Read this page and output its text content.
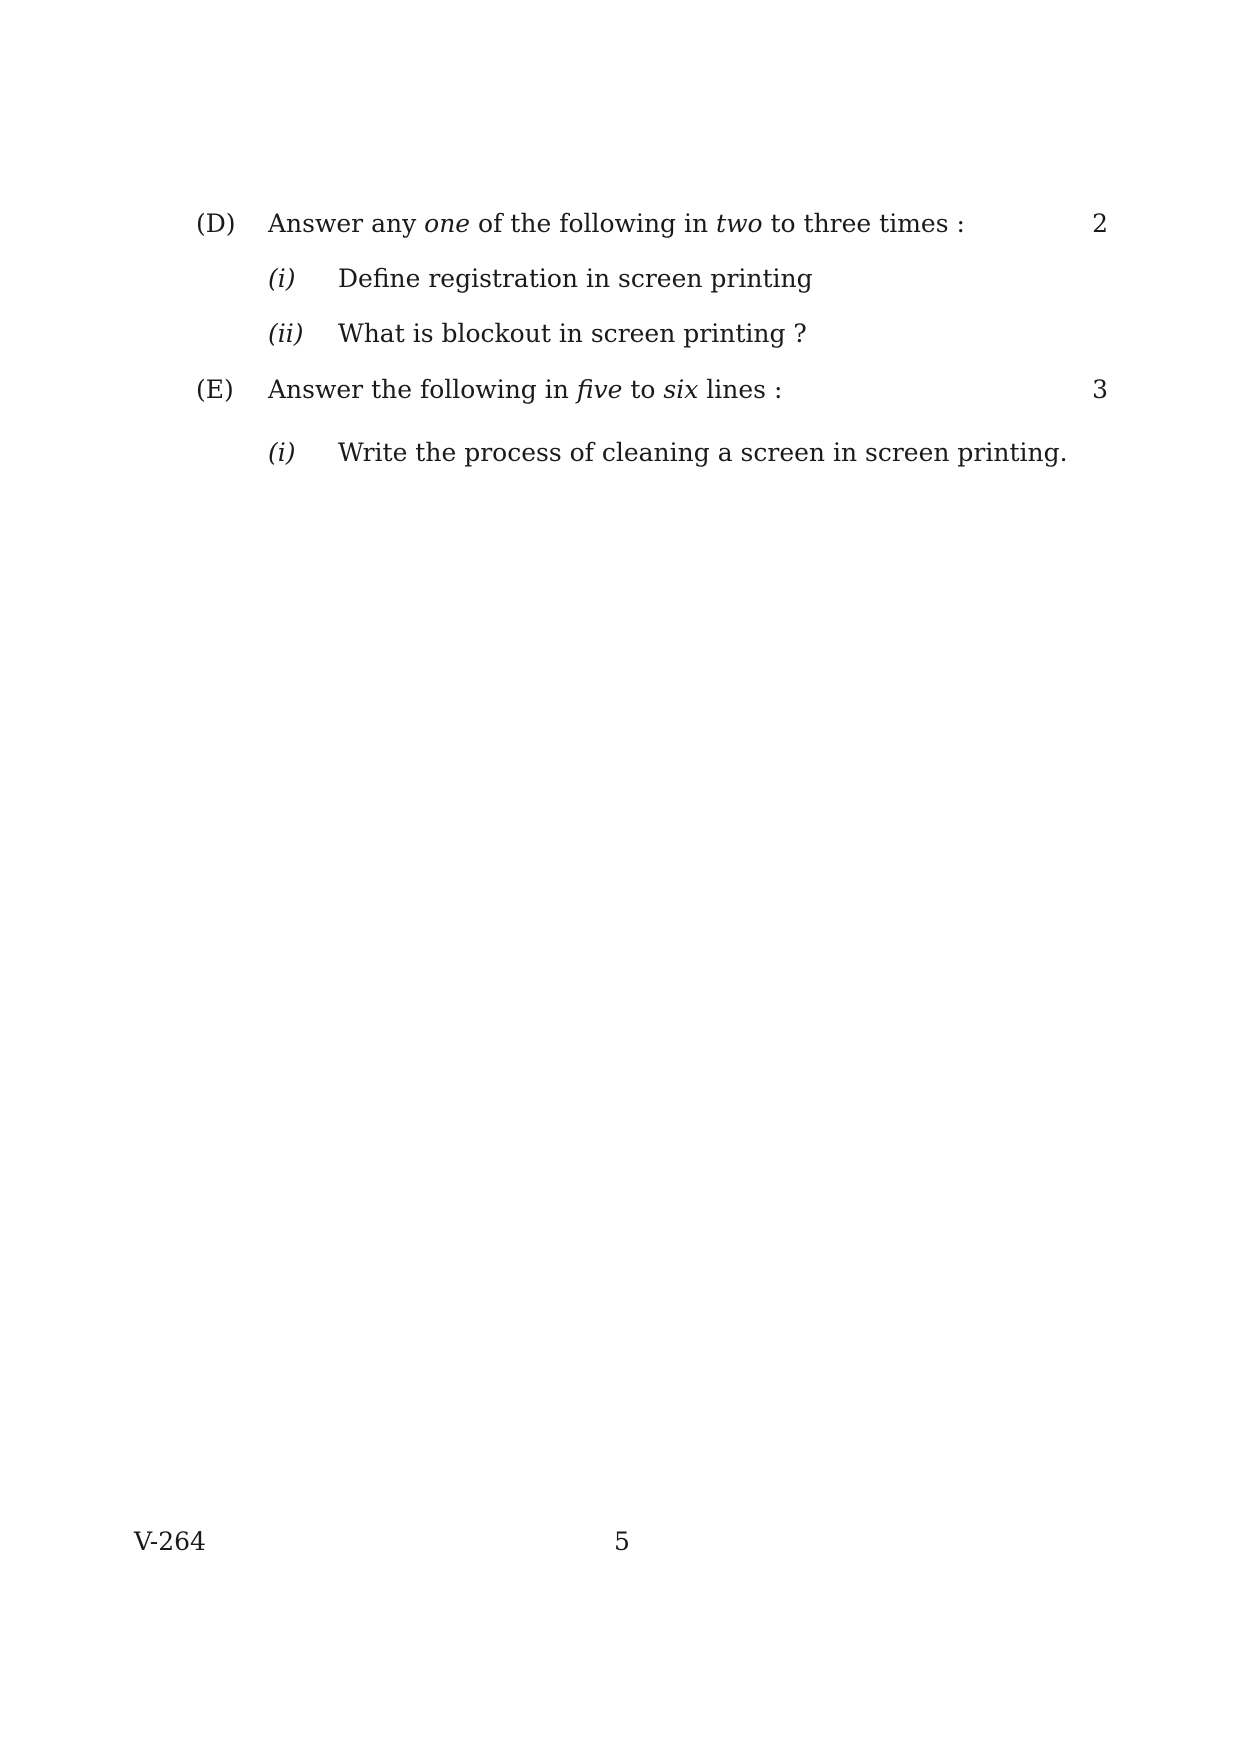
(D) Answer any one of the following in two to three times :	2
(i) Define registration in screen printing
(ii) What is blockout in screen printing ?
(E) Answer the following in five to six lines :	3
(i) Write the process of cleaning a screen in screen printing.
V-264	5
